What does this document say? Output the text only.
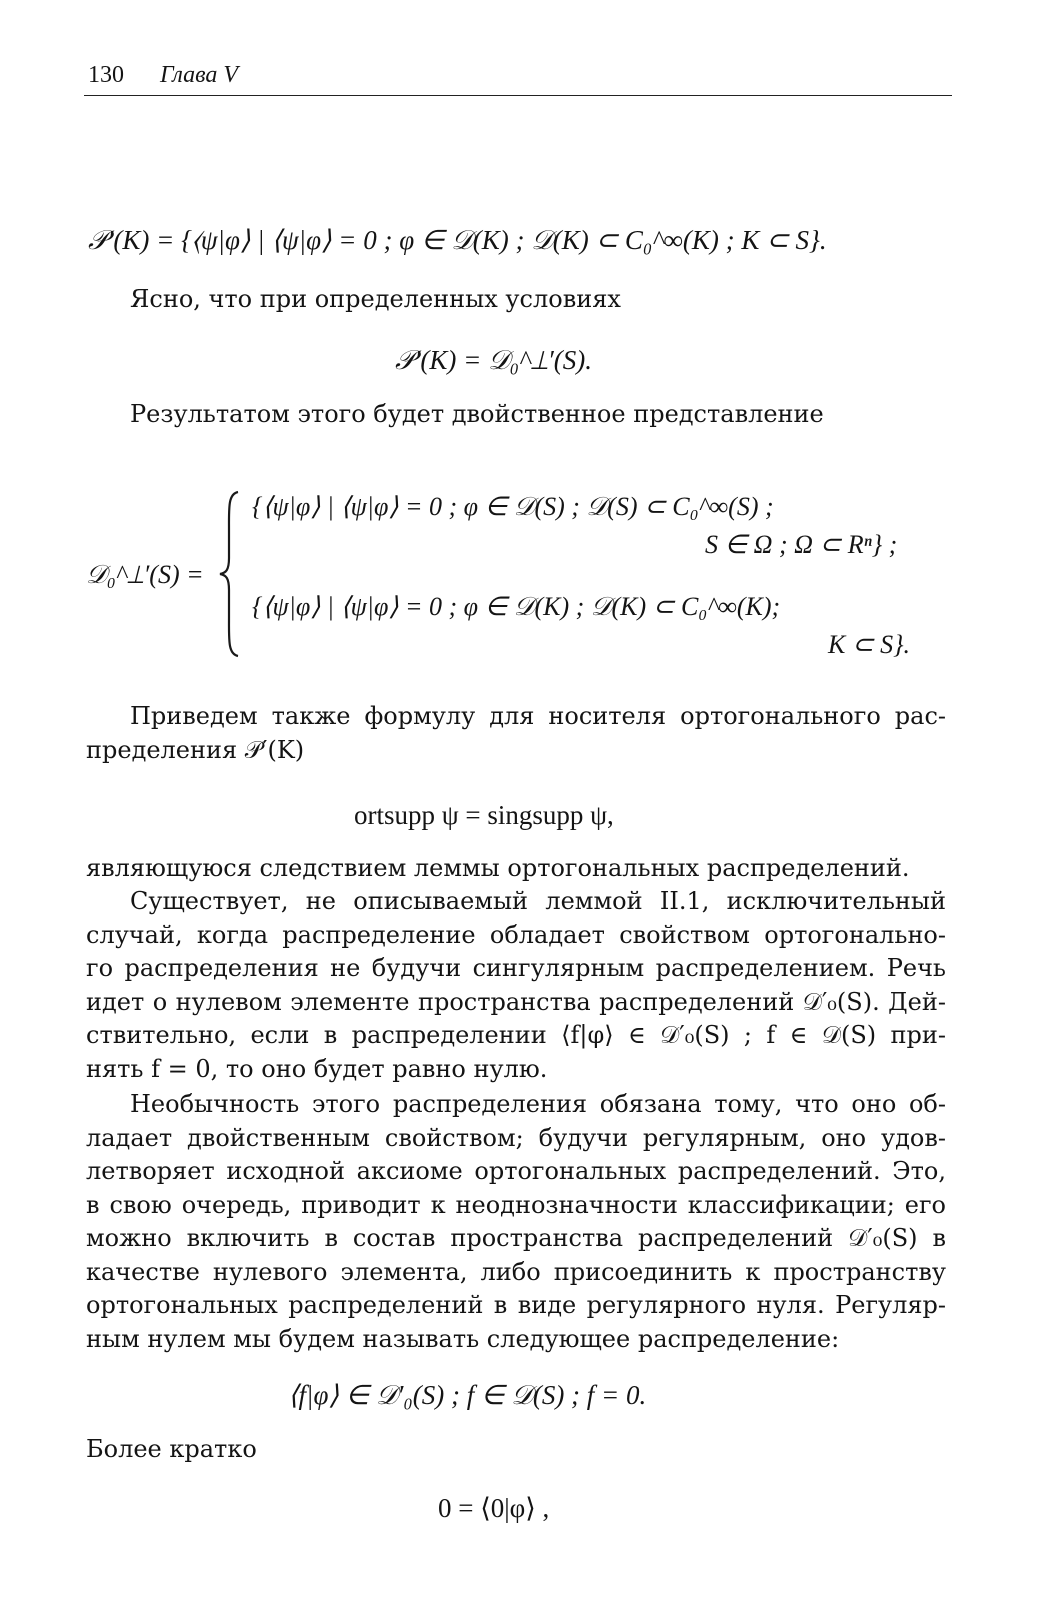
130 Глава V
𝒫′(K) = {⟨ψ|φ⟩ | ⟨ψ|φ⟩ = 0 ; φ ∈ 𝒟(K) ; 𝒟(K) ⊂ C₀^∞(K) ; K ⊂ S}.
Ясно, что при определенных условиях
𝒫′(K) = 𝒟₀^⊥′(S).
Результатом этого будет двойственное представление
𝒟₀^⊥′(S) =
{⟨ψ|φ⟩ | ⟨ψ|φ⟩ = 0 ; φ ∈ 𝒟(S) ; 𝒟(S) ⊂ C₀^∞(S) ;
S ∈ Ω ; Ω ⊂ Rⁿ} ;
{⟨ψ|φ⟩ | ⟨ψ|φ⟩ = 0 ; φ ∈ 𝒟(K) ; 𝒟(K) ⊂ C₀^∞(K);
K ⊂ S}.
Приведем также формулу для носителя ортогонального рас-
пределения 𝒫′(K)
ortsupp ψ = singsupp ψ,
являющуюся следствием леммы ортогональных распределений.
Существует, не описываемый леммой II.1, исключительный
случай, когда распределение обладает свойством ортогонально-
го распределения не будучи сингулярным распределением. Речь
идет о нулевом элементе пространства распределений 𝒟′₀(S). Дей-
ствительно, если в распределении ⟨f|φ⟩ ∈ 𝒟′₀(S) ; f ∈ 𝒟(S) при-
нять f = 0, то оно будет равно нулю.
Необычность этого распределения обязана тому, что оно об-
ладает двойственным свойством; будучи регулярным, оно удов-
летворяет исходной аксиоме ортогональных распределений. Это,
в свою очередь, приводит к неоднозначности классификации; его
можно включить в состав пространства распределений 𝒟′₀(S) в
качестве нулевого элемента, либо присоединить к пространству
ортогональных распределений в виде регулярного нуля. Регуляр-
ным нулем мы будем называть следующее распределение:
⟨f|φ⟩ ∈ 𝒟′₀(S) ; f ∈ 𝒟(S) ; f = 0.
Более кратко
0 = ⟨0|φ⟩ ,
